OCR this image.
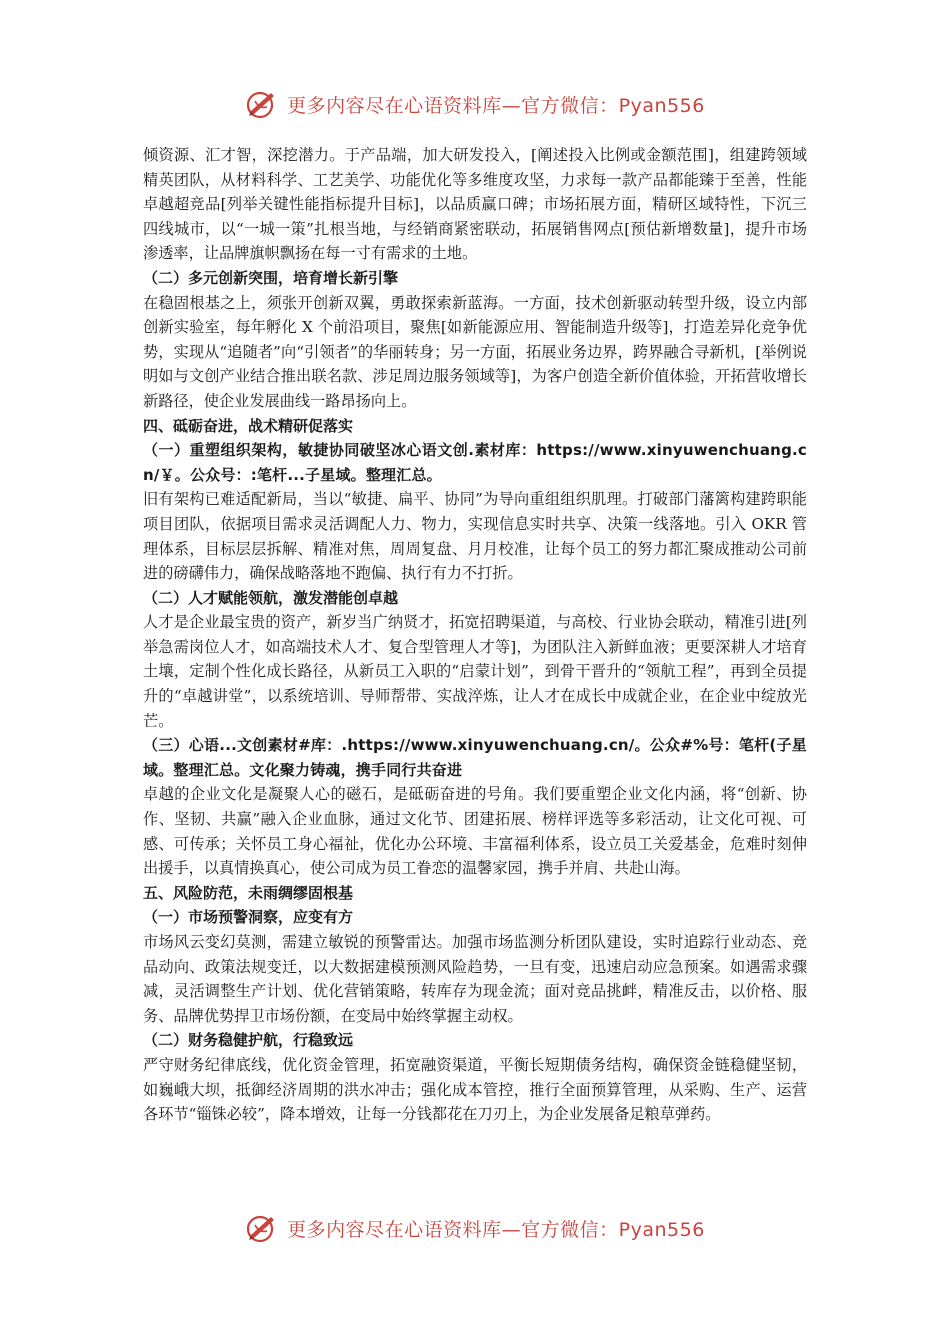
更多内容尽在心语资料库—官方微信：Pyan556

倾资源、汇才智，深挖潜力。于产品端，加大研发投入，[阐述投入比例或金额范围]，组建跨领域精英团队，从材料科学、工艺美学、功能优化等多维度攻坚，力求每一款产品都能臻于至善，性能卓越超竞品[列举关键性能指标提升目标]，以品质赢口碑；市场拓展方面，精研区域特性，下沉三四线城市，以“一城一策”扎根当地，与经销商紧密联动，拓展销售网点[预估新增数量]，提升市场渗透率，让品牌旗帜飘扬在每一寸有需求的土地。

（二）多元创新突围，培育增长新引擎

在稳固根基之上，须张开创新双翼，勇敢探索新蓝海。一方面，技术创新驱动转型升级，设立内部创新实验室，每年孵化 X 个前沿项目，聚焦[如新能源应用、智能制造升级等]，打造差异化竞争优势，实现从“追随者”向“引领者”的华丽转身；另一方面，拓展业务边界，跨界融合寻新机，[举例说明如与文创产业结合推出联名款、涉足周边服务领域等]，为客户创造全新价值体验，开拓营收增长新路径，使企业发展曲线一路昂扬向上。

四、砥砺奋进，战术精研促落实

（一）重塑组织架构，敏捷协同破坚冰心语文创.素材库：https://www.xinyuwenchuang.cn/￥。公众号：:笔杆...子星域。整理汇总。

旧有架构已难适配新局，当以“敏捷、扁平、协同”为导向重组组织肌理。打破部门藩篱构建跨职能项目团队，依据项目需求灵活调配人力、物力，实现信息实时共享、决策一线落地。引入 OKR 管理体系，目标层层拆解、精准对焦，周周复盘、月月校准，让每个员工的努力都汇聚成推动公司前进的磅礴伟力，确保战略落地不跑偏、执行有力不打折。

（二）人才赋能领航，激发潜能创卓越

人才是企业最宝贵的资产，新岁当广纳贤才，拓宽招聘渠道，与高校、行业协会联动，精准引进[列举急需岗位人才，如高端技术人才、复合型管理人才等]，为团队注入新鲜血液；更要深耕人才培育土壤，定制个性化成长路径，从新员工入职的“启蒙计划”，到骨干晋升的“领航工程”，再到全员提升的“卓越讲堂”，以系统培训、导师帮带、实战淬炼，让人才在成长中成就企业，在企业中绽放光芒。

（三）心语...文创素材#库：.https://www.xinyuwenchuang.cn/。公众#%号：笔杆(子星域。整理汇总。文化聚力铸魂，携手同行共奋进

卓越的企业文化是凝聚人心的磁石，是砥砺奋进的号角。我们要重塑企业文化内涵，将“创新、协作、坚韧、共赢”融入企业血脉，通过文化节、团建拓展、榜样评选等多彩活动，让文化可视、可感、可传承；关怀员工身心福祉，优化办公环境、丰富福利体系，设立员工关爱基金，危难时刻伸出援手，以真情换真心，使公司成为员工眷恋的温馨家园，携手并肩、共赴山海。

五、风险防范，未雨绸缪固根基

（一）市场预警洞察，应变有方

市场风云变幻莫测，需建立敏锐的预警雷达。加强市场监测分析团队建设，实时追踪行业动态、竞品动向、政策法规变迁，以大数据建模预测风险趋势，一旦有变，迅速启动应急预案。如遇需求骤减，灵活调整生产计划、优化营销策略，转库存为现金流；面对竞品挑衅，精准反击，以价格、服务、品牌优势捍卫市场份额，在变局中始终掌握主动权。

（二）财务稳健护航，行稳致远

严守财务纪律底线，优化资金管理，拓宽融资渠道，平衡长短期债务结构，确保资金链稳健坚韧，如巍峨大坝，抵御经济周期的洪水冲击；强化成本管控，推行全面预算管理，从采购、生产、运营各环节“锱铢必较”，降本增效，让每一分钱都花在刀刃上，为企业发展备足粮草弹药。

更多内容尽在心语资料库—官方微信：Pyan556
